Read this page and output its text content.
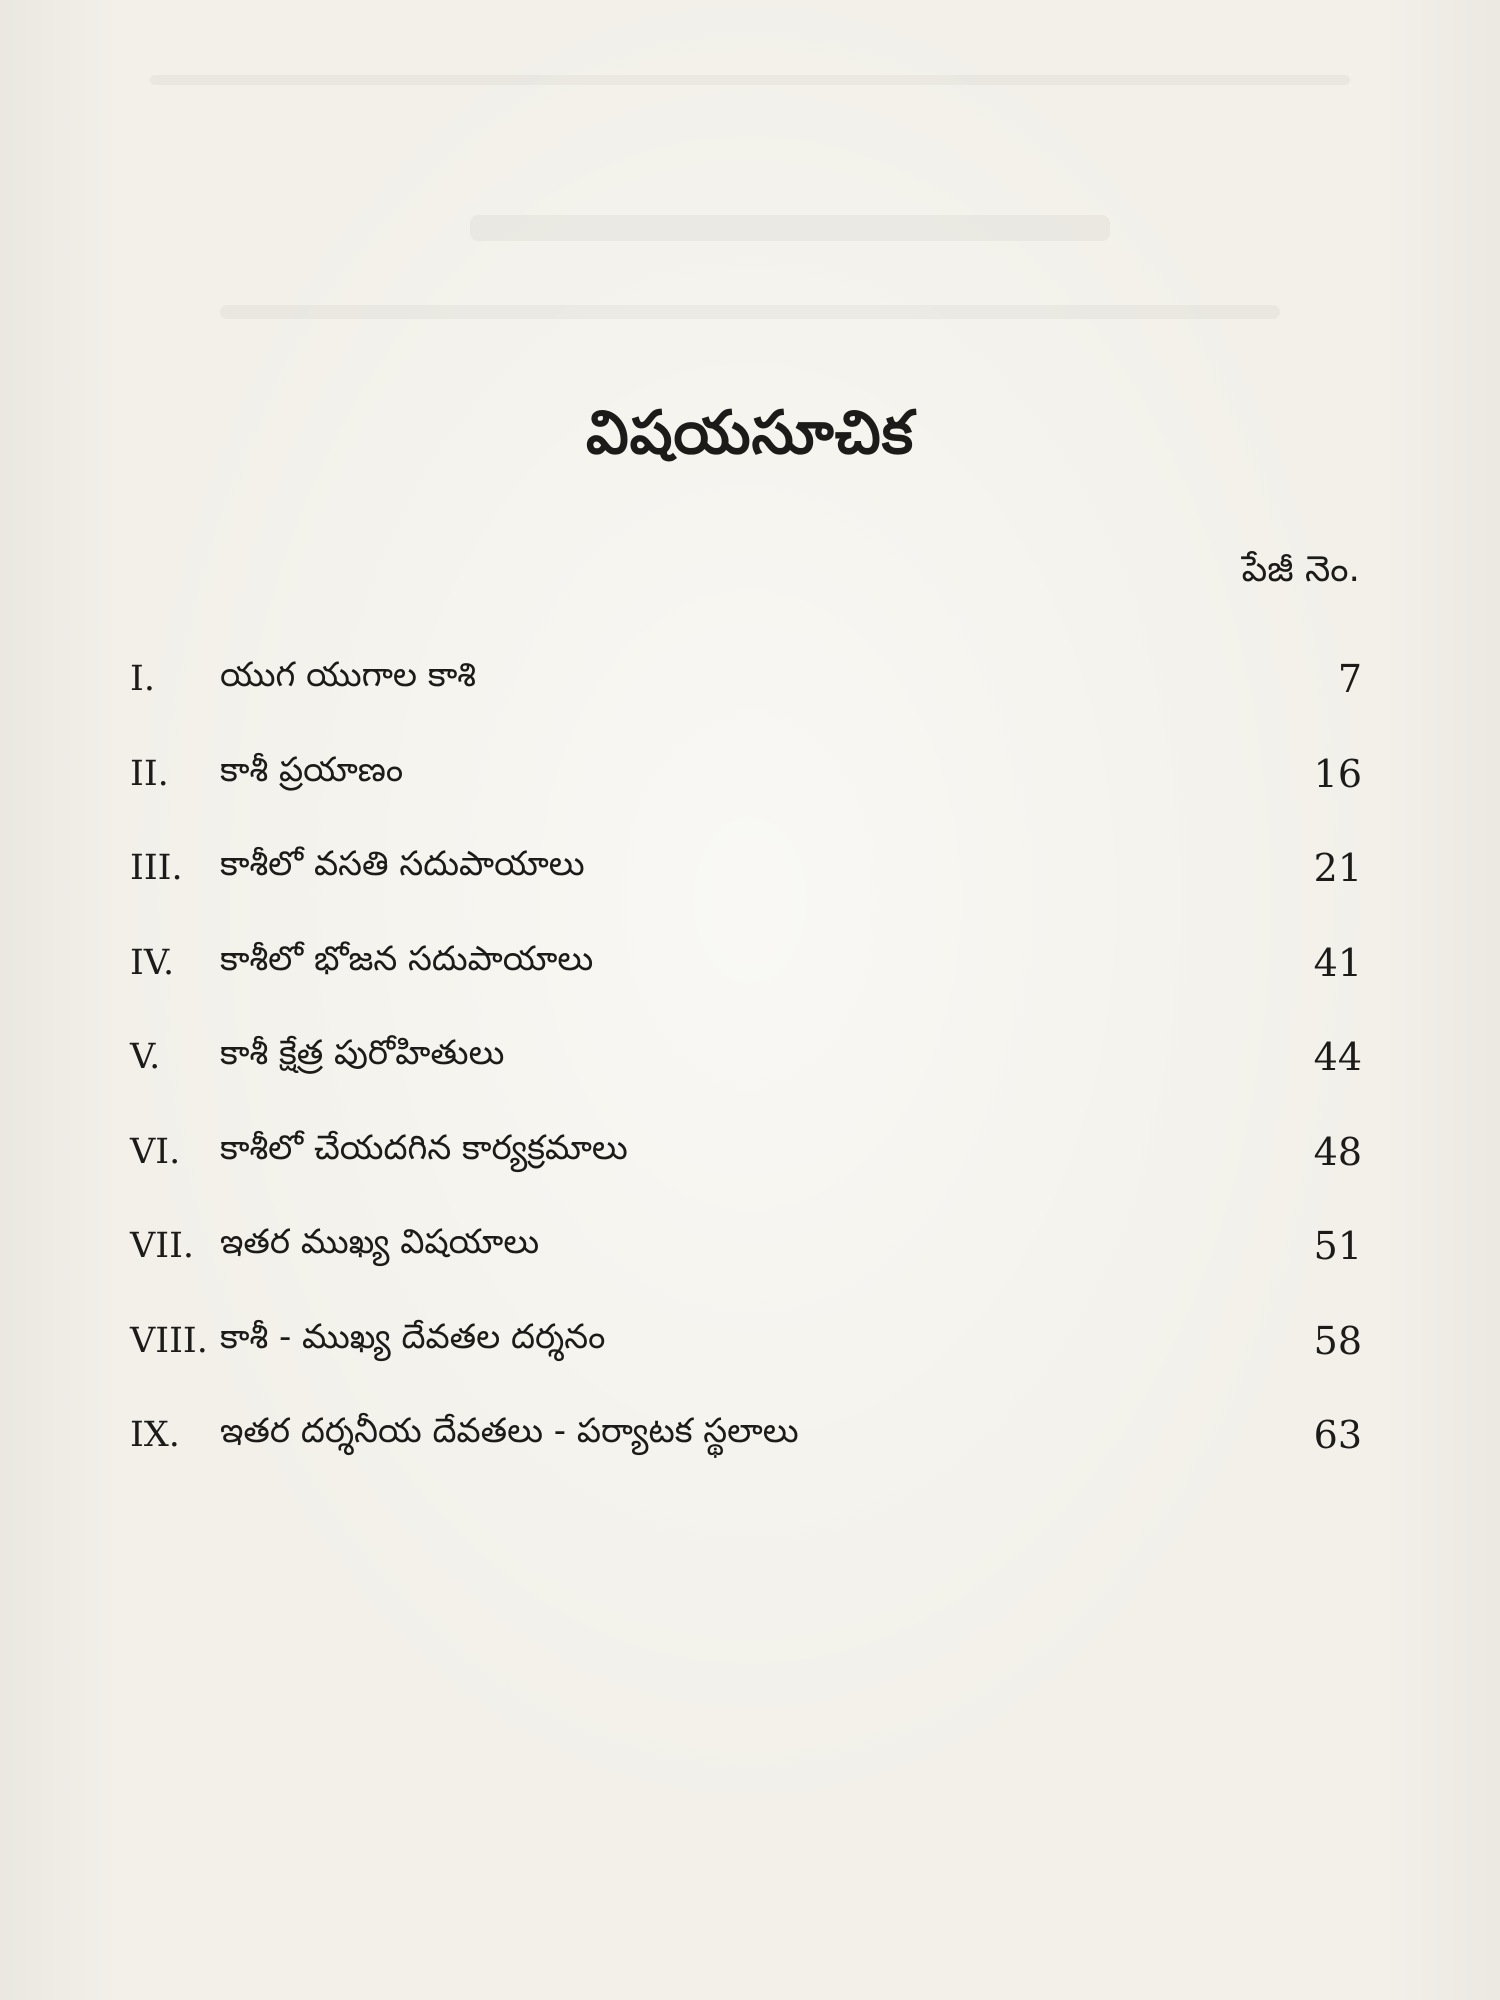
విషయసూచిక
పేజీ నెం.
I.	యుగ యుగాల కాశి	7
II.	కాశీ ప్రయాణం	16
III.	కాశీలో వసతి సదుపాయాలు	21
IV.	కాశీలో భోజన సదుపాయాలు	41
V.	కాశీ క్షేత్ర పురోహితులు	44
VI.	కాశీలో చేయదగిన కార్యక్రమాలు	48
VII. ఇతర ముఖ్య విషయాలు	51
VIII. కాశీ - ముఖ్య దేవతల దర్శనం	58
IX.	ఇతర దర్శనీయ దేవతలు - పర్యాటక స్థలాలు	63
